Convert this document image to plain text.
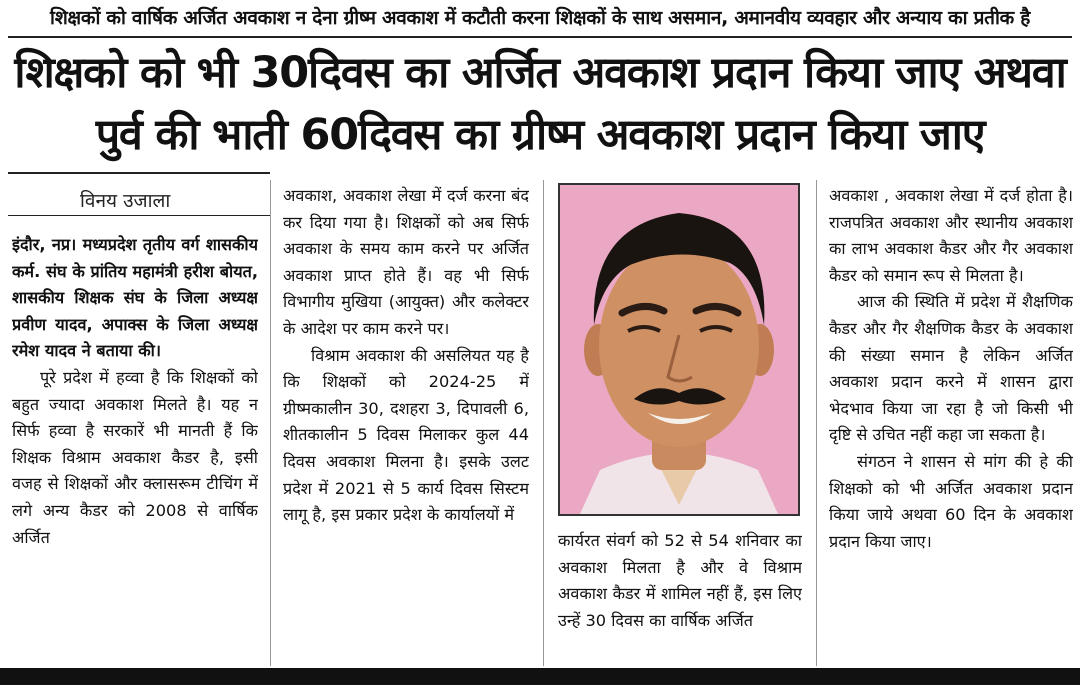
शिक्षकों को वार्षिक अर्जित अवकाश न देना ग्रीष्म अवकाश में कटौती करना शिक्षकों के साथ असमान, अमानवीय व्यवहार और अन्याय का प्रतीक है
शिक्षको को भी 30दिवस का अर्जित अवकाश प्रदान किया जाए अथवा
पुर्व की भाती 60दिवस का ग्रीष्म अवकाश प्रदान किया जाए
विनय उजाला

इंदौर, नप्र। मध्यप्रदेश तृतीय वर्ग शासकीय कर्म. संघ के प्रांतिय महामंत्री हरीश बोयत, शासकीय शिक्षक संघ के जिला अध्यक्ष प्रवीण यादव, अपाक्स के जिला अध्यक्ष रमेश यादव ने बताया की।

पूरे प्रदेश में हव्वा है कि शिक्षकों को बहुत ज्यादा अवकाश मिलते है। यह न सिर्फ हव्वा है सरकारें भी मानती हैं कि शिक्षक विश्राम अवकाश कैडर है, इसी वजह से शिक्षकों और क्लासरूम टीचिंग में लगे अन्य कैडर को 2008 से वार्षिक अर्जित

अवकाश, अवकाश लेखा में दर्ज करना बंद कर दिया गया है। शिक्षकों को अब सिर्फ अवकाश के समय काम करने पर अर्जित अवकाश प्राप्त होते हैं। वह भी सिर्फ विभागीय मुखिया (आयुक्त) और कलेक्टर के आदेश पर काम करने पर।

विश्राम अवकाश की असलियत यह है कि शिक्षकों को 2024-25 में ग्रीष्मकालीन 30, दशहरा 3, दिपावली 6, शीतकालीन 5 दिवस मिलाकर कुल 44 दिवस अवकाश मिलना है। इसके उलट प्रदेश में 2021 से 5 कार्य दिवस सिस्टम लागू है, इस प्रकार प्रदेश के कार्यालयों में

कार्यरत संवर्ग को 52 से 54 शनिवार का अवकाश मिलता है और वे विश्राम अवकाश कैडर में शामिल नहीं हैं, इस लिए उन्हें 30 दिवस का वार्षिक अर्जित

अवकाश , अवकाश लेखा में दर्ज होता है। राजपत्रित अवकाश और स्थानीय अवकाश का लाभ अवकाश कैडर और गैर अवकाश कैडर को समान रूप से मिलता है।

आज की स्थिति में प्रदेश में शैक्षणिक कैडर और गैर शैक्षणिक कैडर के अवकाश की संख्या समान है लेकिन अर्जित अवकाश प्रदान करने में शासन द्वारा भेदभाव किया जा रहा है जो किसी भी दृष्टि से उचित नहीं कहा जा सकता है।

संगठन ने शासन से मांग की हे की शिक्षको को भी अर्जित अवकाश प्रदान किया जाये अथवा 60 दिन के अवकाश प्रदान किया जाए।
